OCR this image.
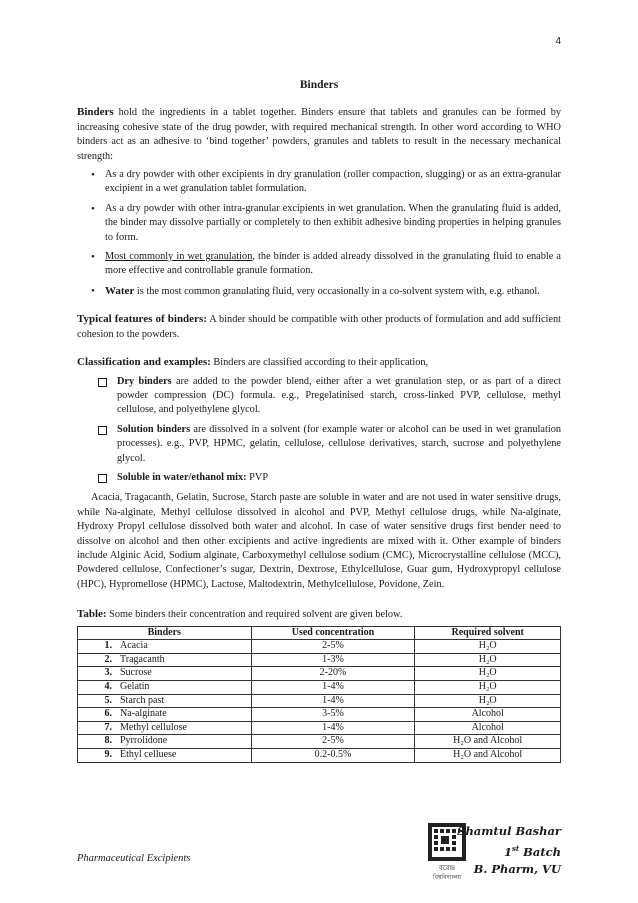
4
Binders

Binders hold the ingredients in a tablet together. Binders ensure that tablets and granules can be formed by increasing cohesive state of the drug powder, with required mechanical strength. In other word according to WHO binders act as an adhesive to ‘bind together’ powders, granules and tablets to result in the necessary mechanical strength:

• As a dry powder with other excipients in dry granulation (roller compaction, slugging) or as an extra-granular excipient in a wet granulation tablet formulation.
• As a dry powder with other intra-granular excipients in wet granulation. When the granulating fluid is added, the binder may dissolve partially or completely to then exhibit adhesive binding properties in helping granules to form.
• Most commonly in wet granulation, the binder is added already dissolved in the granulating fluid to enable a more effective and controllable granule formation.
• Water is the most common granulating fluid, very occasionally in a co-solvent system with, e.g. ethanol.

Typical features of binders: A binder should be compatible with other products of formulation and add sufficient cohesion to the powders.

Classification and examples: Binders are classified according to their application,

Dry binders are added to the powder blend, either after a wet granulation step, or as part of a direct powder compression (DC) formula. e.g., Pregelatinised starch, cross-linked PVP, cellulose, methyl cellulose, and polyethylene glycol.
Solution binders are dissolved in a solvent (for example water or alcohol can be used in wet granulation processes). e.g., PVP, HPMC, gelatin, cellulose, cellulose derivatives, starch, sucrose and polyethylene glycol.
Soluble in water/ethanol mix: PVP

Acacia, Tragacanth, Gelatin, Sucrose, Starch paste are soluble in water and are not used in water sensitive drugs, while Na-alginate, Methyl cellulose dissolved in alcohol and PVP, Methyl cellulose drugs, while Na-alginate, Hydroxy Propyl cellulose dissolved both water and alcohol. In case of water sensitive drugs first bender need to dissolve on alcohol and then other excipients and active ingredients are mixed with it. Other example of binders include Alginic Acid, Sodium alginate, Carboxymethyl cellulose sodium (CMC), Microcrystalline cellulose (MCC), Powdered cellulose, Confectioner’s sugar, Dextrin, Dextrose, Ethylcellulose, Guar gum, Hydroxypropyl cellulose (HPC), Hypromellose (HPMC), Lactose, Maltodextrin, Methylcellulose, Povidone, Zein.

Table: Some binders their concentration and required solvent are given below.

Binders		Used concentration	Required solvent
1.	Acacia	2-5%	H₂O
2.	Tragacanth	1-3%	H₂O
3.	Sucrose	2-20%	H₂O
4.	Gelatin	1-4%	H₂O
5.	Starch past	1-4%	H₂O
6.	Na-alginate	3-5%	Alcohol
7.	Methyl cellulose	1-4%	Alcohol
8.	Pyrrolidone	2-5%	H₂O and Alcohol
9.	Ethyl celluese	0.2-0.5%	H₂O and Alcohol
Pharmaceutical Excipients
বরেন্দ্র
বিশ্ববিদ্যালয়
Shamtul Bashar
1st Batch
B. Pharm, VU
